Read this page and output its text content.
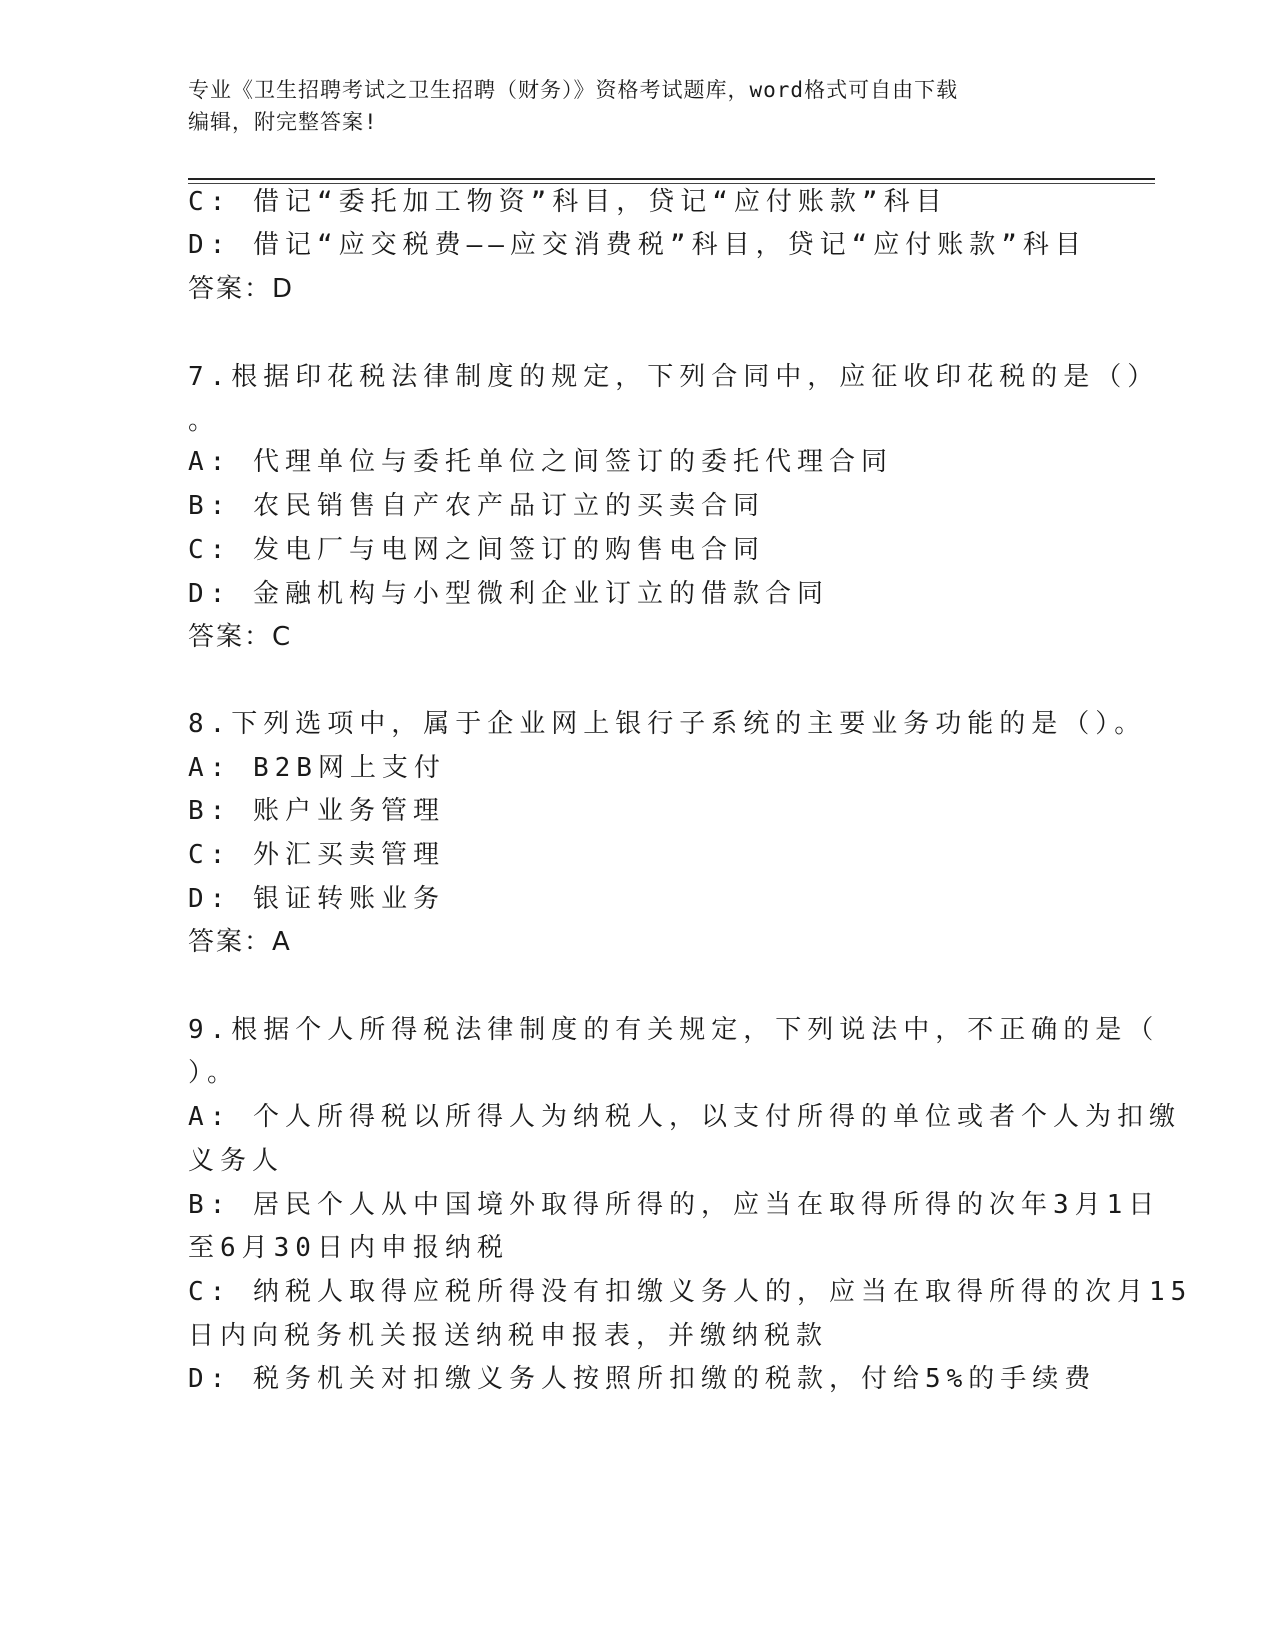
专业《卫生招聘考试之卫生招聘（财务）》资格考试题库，word格式可自由下载
编辑，附完整答案!
C: 借记“委托加工物资”科目，贷记“应付账款”科目
D: 借记“应交税费——应交消费税”科目，贷记“应付账款”科目
答案：D
7.根据印花税法律制度的规定，下列合同中，应征收印花税的是（）
。
A: 代理单位与委托单位之间签订的委托代理合同
B: 农民销售自产农产品订立的买卖合同
C: 发电厂与电网之间签订的购售电合同
D: 金融机构与小型微利企业订立的借款合同
答案：C
8.下列选项中，属于企业网上银行子系统的主要业务功能的是（）。
A: B2B网上支付
B: 账户业务管理
C: 外汇买卖管理
D: 银证转账业务
答案：A
9.根据个人所得税法律制度的有关规定，下列说法中，不正确的是（
）。
A: 个人所得税以所得人为纳税人，以支付所得的单位或者个人为扣缴
义务人
B: 居民个人从中国境外取得所得的，应当在取得所得的次年3月1日
至6月30日内申报纳税
C: 纳税人取得应税所得没有扣缴义务人的，应当在取得所得的次月15
日内向税务机关报送纳税申报表，并缴纳税款
D: 税务机关对扣缴义务人按照所扣缴的税款，付给5%的手续费
